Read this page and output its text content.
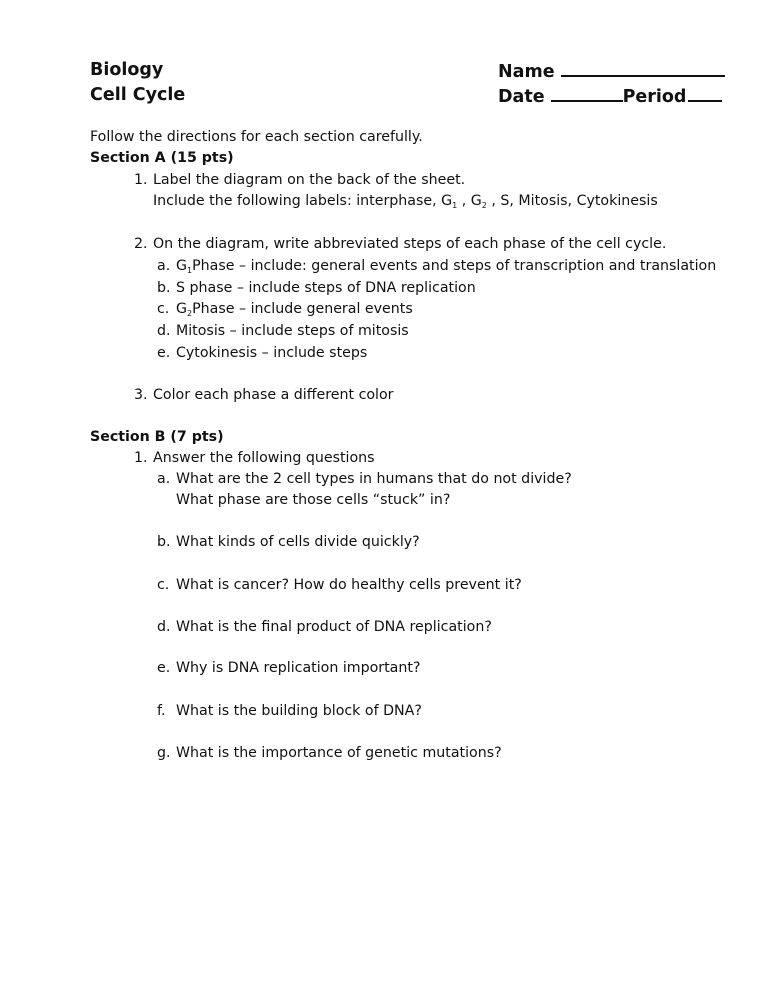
Biology
Cell Cycle
Name
Date	Period
Follow the directions for each section carefully.
Section A (15 pts)
1. Label the diagram on the back of the sheet.
Include the following labels: interphase, $G_1$ , $G_2$ , S, Mitosis, Cytokinesis
2. On the diagram, write abbreviated steps of each phase of the cell cycle.
a. $G_1Phase$ – include: general events and steps of transcription and translation
b. S phase – include steps of DNA replication
c. $G_2Phase$ – include general events
d. Mitosis – include steps of mitosis
e. Cytokinesis – include steps
3. Color each phase a different color
Section B (7 pts)
1. Answer the following questions
a. What are the 2 cell types in humans that do not divide?
What phase are those cells “stuck” in?
b. What kinds of cells divide quickly?
c. What is cancer? How do healthy cells prevent it?
d. What is the final product of DNA replication?
e. Why is DNA replication important?
f. What is the building block of DNA?
g. What is the importance of genetic mutations?
